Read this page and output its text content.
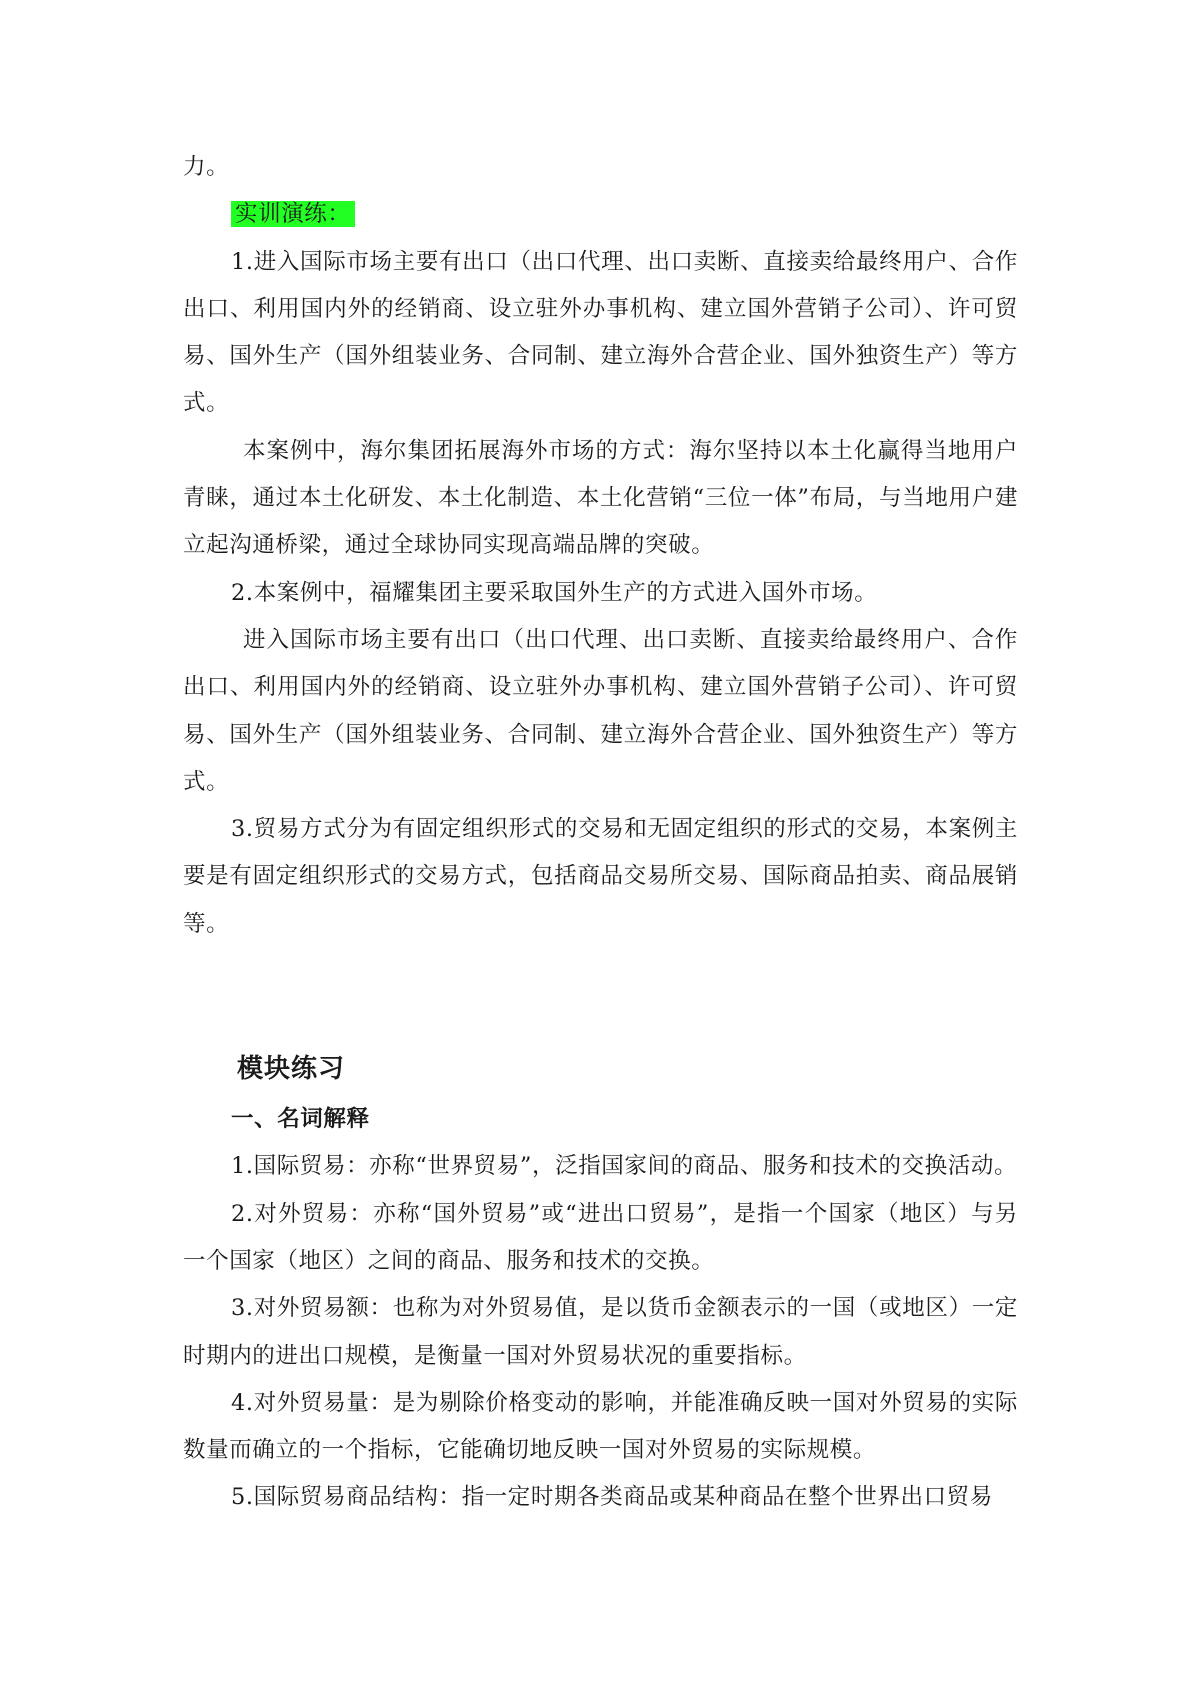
力。

实训演练：

1.进入国际市场主要有出口（出口代理、出口卖断、直接卖给最终用户、合作出口、利用国内外的经销商、设立驻外办事机构、建立国外营销子公司）、许可贸易、国外生产（国外组装业务、合同制、建立海外合营企业、国外独资生产）等方式。

本案例中，海尔集团拓展海外市场的方式：海尔坚持以本土化赢得当地用户青睐，通过本土化研发、本土化制造、本土化营销“三位一体”布局，与当地用户建立起沟通桥梁，通过全球协同实现高端品牌的突破。

2.本案例中，福耀集团主要采取国外生产的方式进入国外市场。

进入国际市场主要有出口（出口代理、出口卖断、直接卖给最终用户、合作出口、利用国内外的经销商、设立驻外办事机构、建立国外营销子公司）、许可贸易、国外生产（国外组装业务、合同制、建立海外合营企业、国外独资生产）等方式。

3.贸易方式分为有固定组织形式的交易和无固定组织的形式的交易，本案例主要是有固定组织形式的交易方式，包括商品交易所交易、国际商品拍卖、商品展销等。

模块练习
一、名词解释

1.国际贸易：亦称“世界贸易”，泛指国家间的商品、服务和技术的交换活动。

2.对外贸易：亦称“国外贸易”或“进出口贸易”，是指一个国家（地区）与另一个国家（地区）之间的商品、服务和技术的交换。

3.对外贸易额：也称为对外贸易值，是以货币金额表示的一国（或地区）一定时期内的进出口规模，是衡量一国对外贸易状况的重要指标。

4.对外贸易量：是为剔除价格变动的影响，并能准确反映一国对外贸易的实际数量而确立的一个指标，它能确切地反映一国对外贸易的实际规模。

5.国际贸易商品结构：指一定时期各类商品或某种商品在整个世界出口贸易
